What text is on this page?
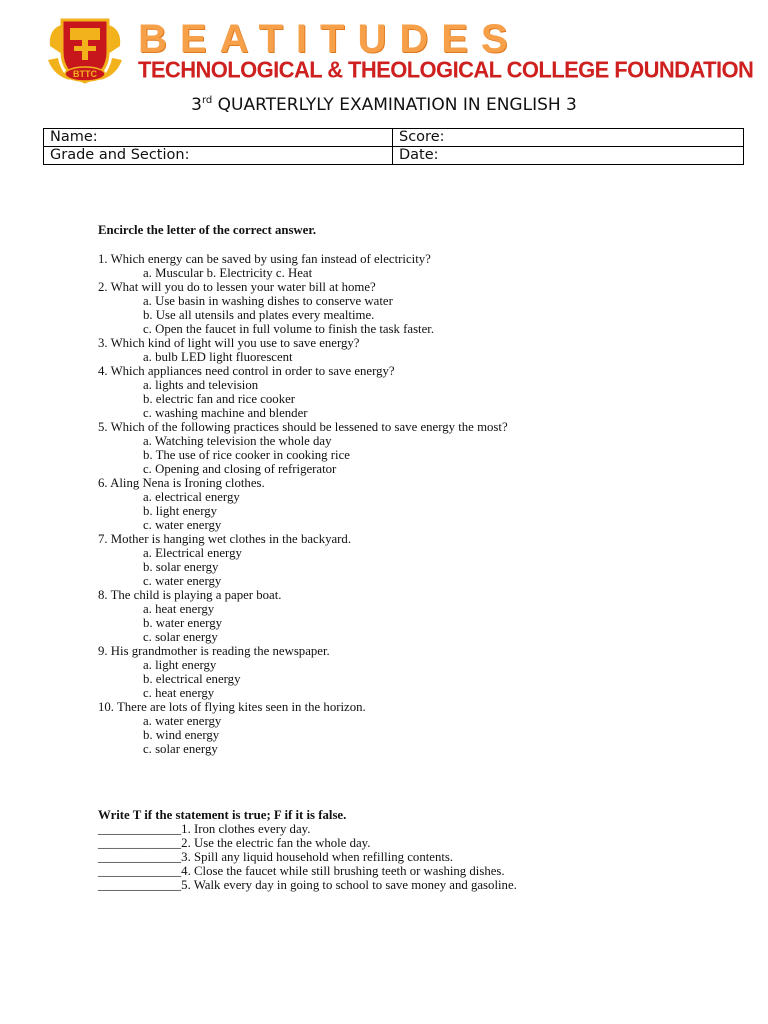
BTTC
BEATITUDES
TECHNOLOGICAL & THEOLOGICAL COLLEGE FOUNDATION
3rd QUARTERLYLY EXAMINATION IN ENGLISH 3
Name:	Score:
Grade and Section:	Date:
Encircle the letter of the correct answer.
1. Which energy can be saved by using fan instead of electricity?
a. Muscular b. Electricity c. Heat
2. What will you do to lessen your water bill at home?
a. Use basin in washing dishes to conserve water
b. Use all utensils and plates every mealtime.
c. Open the faucet in full volume to finish the task faster.
3. Which kind of light will you use to save energy?
a. bulb LED light fluorescent
4. Which appliances need control in order to save energy?
a. lights and television
b. electric fan and rice cooker
c. washing machine and blender
5. Which of the following practices should be lessened to save energy the most?
a. Watching television the whole day
b. The use of rice cooker in cooking rice
c. Opening and closing of refrigerator
6. Aling Nena is Ironing clothes.
a. electrical energy
b. light energy
c. water energy
7. Mother is hanging wet clothes in the backyard.
a. Electrical energy
b. solar energy
c. water energy
8. The child is playing a paper boat.
a. heat energy
b. water energy
c. solar energy
9. His grandmother is reading the newspaper.
a. light energy
b. electrical energy
c. heat energy
10. There are lots of flying kites seen in the horizon.
a. water energy
b. wind energy
c. solar energy
Write T if the statement is true; F if it is false.
_____________1. Iron clothes every day.
_____________2. Use the electric fan the whole day.
_____________3. Spill any liquid household when refilling contents.
_____________4. Close the faucet while still brushing teeth or washing dishes.
_____________5. Walk every day in going to school to save money and gasoline.
